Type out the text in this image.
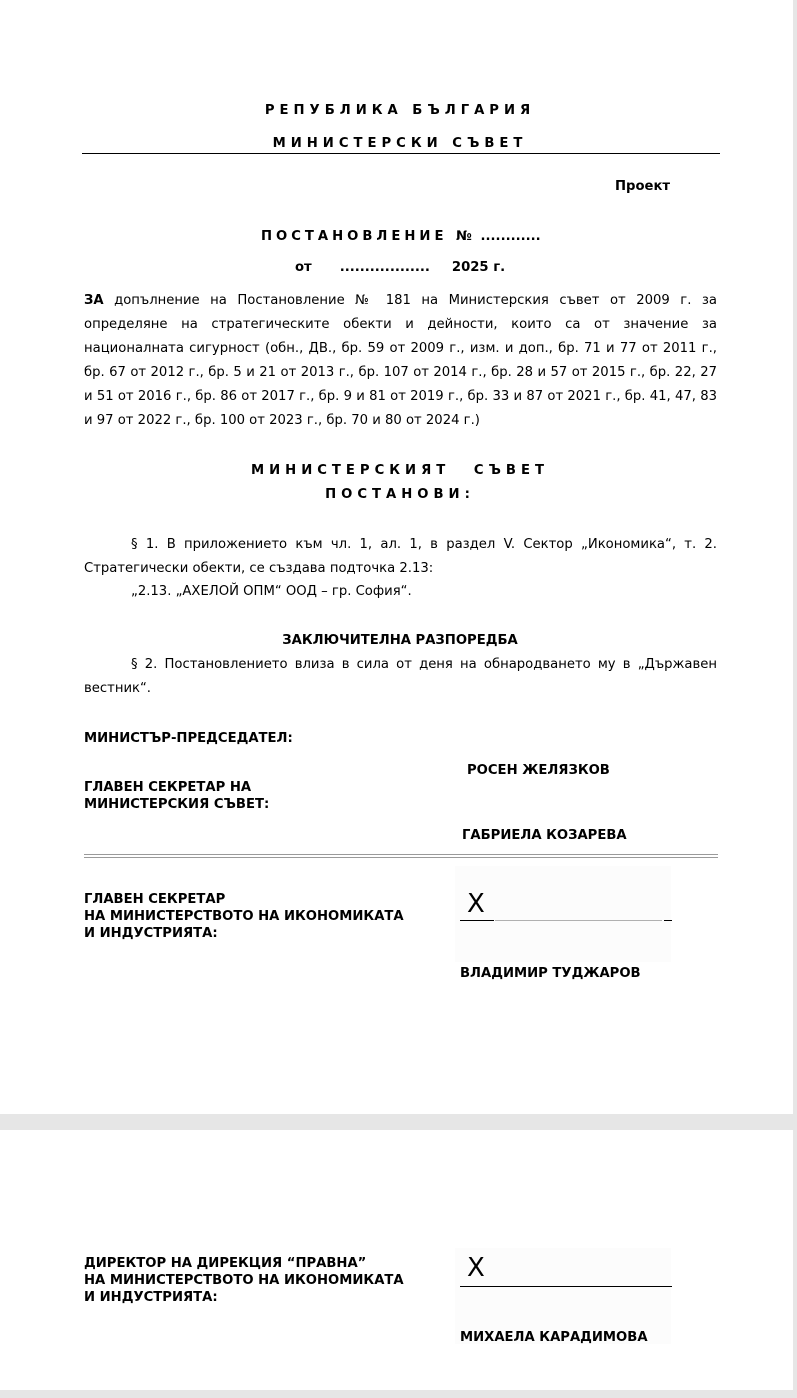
РЕПУБЛИКА БЪЛГАРИЯ
МИНИСТЕРСКИ СЪВЕТ
Проект
ПОСТАНОВЛЕНИЕ № ............
от .................. 2025 г.
ЗА допълнение на Постановление № 181 на Министерския съвет от 2009 г. за определяне на стратегическите обекти и дейности, които са от значение за националната сигурност (обн., ДВ., бр. 59 от 2009 г., изм. и доп., бр. 71 и 77 от 2011 г., бр. 67 от 2012 г., бр. 5 и 21 от 2013 г., бр. 107 от 2014 г., бр. 28 и 57 от 2015 г., бр. 22, 27 и 51 от 2016 г., бр. 86 от 2017 г., бр. 9 и 81 от 2019 г., бр. 33 и 87 от 2021 г., бр. 41, 47, 83 и 97 от 2022 г., бр. 100 от 2023 г., бр. 70 и 80 от 2024 г.)
МИНИСТЕРСКИЯТ СЪВЕТ
ПОСТАНОВИ:
§ 1. В приложението към чл. 1, ал. 1, в раздел V. Сектор „Икономика“, т. 2. Стратегически обекти, се създава подточка 2.13:
„2.13. „АХЕЛОЙ ОПМ“ ООД – гр. София“.
ЗАКЛЮЧИТЕЛНА РАЗПОРЕДБА
§ 2. Постановлението влиза в сила от деня на обнародването му в „Държавен вестник“.
МИНИСТЪР-ПРЕДСЕДАТЕЛ:
РОСЕН ЖЕЛЯЗКОВ
ГЛАВЕН СЕКРЕТАР НА
МИНИСТЕРСКИЯ СЪВЕТ:
ГАБРИЕЛА КОЗАРЕВА
ГЛАВЕН СЕКРЕТАР
НА МИНИСТЕРСТВОТО НА ИКОНОМИКАТА
И ИНДУСТРИЯТА:
X
ВЛАДИМИР ТУДЖАРОВ
ДИРЕКТОР НА ДИРЕКЦИЯ “ПРАВНА”
НА МИНИСТЕРСТВОТО НА ИКОНОМИКАТА
И ИНДУСТРИЯТА:
X
МИХАЕЛА КАРАДИМОВА
